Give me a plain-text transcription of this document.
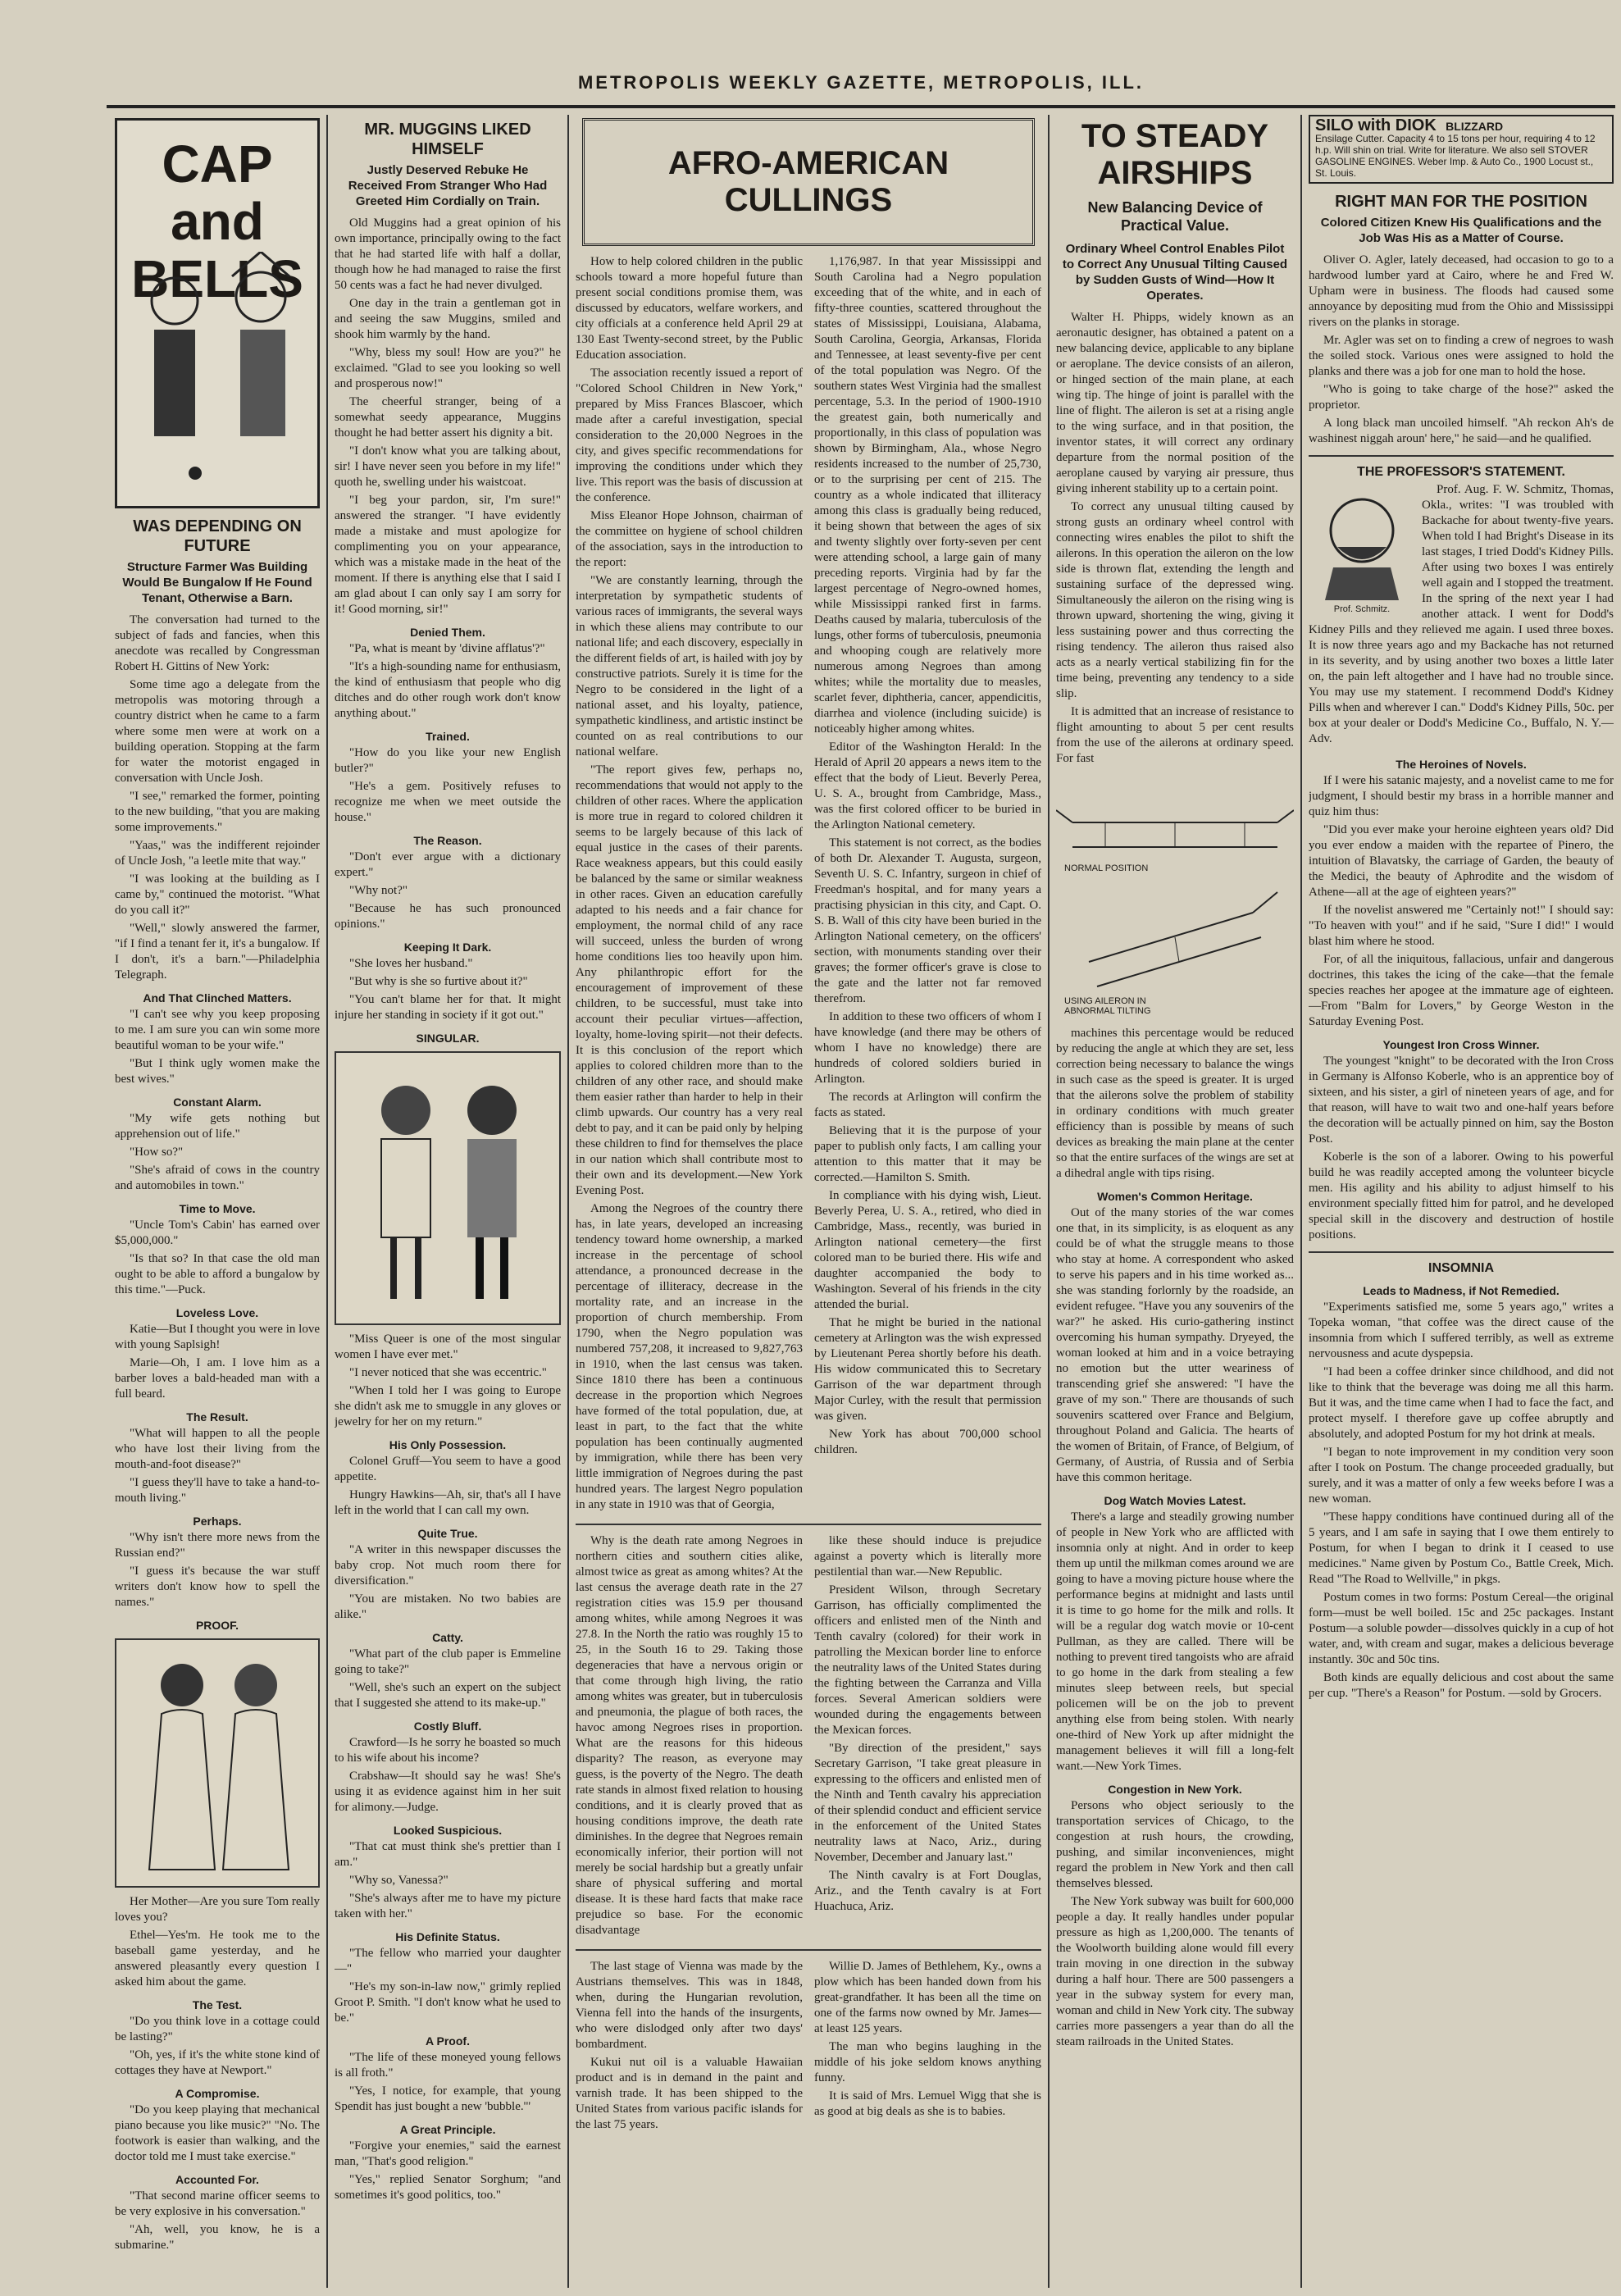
METROPOLIS WEEKLY GAZETTE, METROPOLIS, ILL.
CAP and BELLS
WAS DEPENDING ON FUTURE
Structure Farmer Was Building Would Be Bungalow If He Found Tenant, Otherwise a Barn.

The conversation had turned to the subject of fads and fancies, when this anecdote was recalled by Congressman Robert H. Gittins of New York:

Some time ago a delegate from the metropolis was motoring through a country district when he came to a farm where some men were at work on a building operation. Stopping at the farm for water the motorist engaged in conversation with Uncle Josh.

"I see," remarked the former, pointing to the new building, "that you are making some improvements."

"Yaas," was the indifferent rejoinder of Uncle Josh, "a leetle mite that way."

"I was looking at the building as I came by," continued the motorist. "What do you call it?"

"Well," slowly answered the farmer, "if I find a tenant fer it, it's a bungalow. If I don't, it's a barn."—Philadelphia Telegraph.

And That Clinched Matters.

"I can't see why you keep proposing to me. I am sure you can win some more beautiful woman to be your wife."

"But I think ugly women make the best wives."

Constant Alarm.

"My wife gets nothing but apprehension out of life."

"How so?"

"She's afraid of cows in the country and automobiles in town."

Time to Move.

"Uncle Tom's Cabin' has earned over $5,000,000."

"Is that so? In that case the old man ought to be able to afford a bungalow by this time."—Puck.

Loveless Love.

Katie—But I thought you were in love with young Saplsigh!

Marie—Oh, I am. I love him as a barber loves a bald-headed man with a full beard.

The Result.

"What will happen to all the people who have lost their living from the mouth-and-foot disease?"

"I guess they'll have to take a hand-to-mouth living."

Perhaps.

"Why isn't there more news from the Russian end?"

"I guess it's because the war stuff writers don't know how to spell the names."

PROOF.

Her Mother—Are you sure Tom really loves you?

Ethel—Yes'm. He took me to the baseball game yesterday, and he answered pleasantly every question I asked him about the game.

The Test.

"Do you think love in a cottage could be lasting?"

"Oh, yes, if it's the white stone kind of cottages they have at Newport."

A Compromise.

"Do you keep playing that mechanical piano because you like music?" "No. The footwork is easier than walking, and the doctor told me I must take exercise."

Accounted For.

"That second marine officer seems to be very explosive in his conversation."

"Ah, well, you know, he is a submarine."

MR. MUGGINS LIKED HIMSELF
Justly Deserved Rebuke He Received From Stranger Who Had Greeted Him Cordially on Train.

Old Muggins had a great opinion of his own importance, principally owing to the fact that he had started life with half a dollar, though how he had managed to raise the first 50 cents was a fact he had never divulged.

One day in the train a gentleman got in and seeing the saw Muggins, smiled and shook him warmly by the hand.

"Why, bless my soul! How are you?" he exclaimed. "Glad to see you looking so well and prosperous now!"

The cheerful stranger, being of a somewhat seedy appearance, Muggins thought he had better assert his dignity a bit.

"I don't know what you are talking about, sir! I have never seen you before in my life!" quoth he, swelling under his waistcoat.

"I beg your pardon, sir, I'm sure!" answered the stranger. "I have evidently made a mistake and must apologize for complimenting you on your appearance, which was a mistake made in the heat of the moment. If there is anything else that I said I am glad about I can only say I am sorry for it! Good morning, sir!"

Denied Them.

"Pa, what is meant by 'divine afflatus'?"

"It's a high-sounding name for enthusiasm, the kind of enthusiasm that people who dig ditches and do other rough work don't know anything about."

Trained.

"How do you like your new English butler?"

"He's a gem. Positively refuses to recognize me when we meet outside the house."

The Reason.

"Don't ever argue with a dictionary expert."

"Why not?"

"Because he has such pronounced opinions."

Keeping It Dark.

"She loves her husband."

"But why is she so furtive about it?"

"You can't blame her for that. It might injure her standing in society if it got out."

SINGULAR.

"Miss Queer is one of the most singular women I have ever met."

"I never noticed that she was eccentric."

"When I told her I was going to Europe she didn't ask me to smuggle in any gloves or jewelry for her on my return."

His Only Possession.

Colonel Gruff—You seem to have a good appetite.

Hungry Hawkins—Ah, sir, that's all I have left in the world that I can call my own.

Quite True.

"A writer in this newspaper discusses the baby crop. Not much room there for diversification."

"You are mistaken. No two babies are alike."

Catty.

"What part of the club paper is Emmeline going to take?"

"Well, she's such an expert on the subject that I suggested she attend to its make-up."

Costly Bluff.

Crawford—Is he sorry he boasted so much to his wife about his income?

Crabshaw—It should say he was! She's using it as evidence against him in her suit for alimony.—Judge.

Looked Suspicious.

"That cat must think she's prettier than I am."

"Why so, Vanessa?"

"She's always after me to have my picture taken with her."

His Definite Status.

"The fellow who married your daughter—"

"He's my son-in-law now," grimly replied Groot P. Smith. "I don't know what he used to be."

A Proof.

"The life of these moneyed young fellows is all froth."

"Yes, I notice, for example, that young Spendit has just bought a new 'bubble.'"

A Great Principle.

"Forgive your enemies," said the earnest man, "That's good religion."

"Yes," replied Senator Sorghum; "and sometimes it's good politics, too."

AFRO-AMERICAN CULLINGS

How to help colored children in the public schools toward a more hopeful future than present social conditions promise them, was discussed by educators, welfare workers, and city officials at a conference held April 29 at 130 East Twenty-second street, by the Public Education association.

The association recently issued a report of "Colored School Children in New York," prepared by Miss Frances Blascoer, which made after a careful investigation, special consideration to the 20,000 Negroes in the city, and gives specific recommendations for improving the conditions under which they live. This report was the basis of discussion at the conference.

Miss Eleanor Hope Johnson, chairman of the committee on hygiene of school children of the association, says in the introduction to the report:

"We are constantly learning, through the interpretation by sympathetic students of various races of immigrants, the several ways in which these aliens may contribute to our national life; and each discovery, especially in the different fields of art, is hailed with joy by constructive patriots. Surely it is time for the Negro to be considered in the light of a national asset, and his loyalty, patience, sympathetic kindliness, and artistic instinct be counted on as real contributions to our national welfare.

"The report gives few, perhaps no, recommendations that would not apply to the children of other races. Where the application is more true in regard to colored children it seems to be largely because of this lack of equal justice in the cases of their parents. Race weakness appears, but this could easily be balanced by the same or similar weakness in other races. Given an education carefully adapted to his needs and a fair chance for employment, the normal child of any race will succeed, unless the burden of wrong home conditions lies too heavily upon him. Any philanthropic effort for the encouragement of improvement of these children, to be successful, must take into account their peculiar virtues—affection, loyalty, home-loving spirit—not their defects. It is this conclusion of the report which applies to colored children more than to the children of any other race, and should make them easier rather than harder to help in their climb upwards. Our country has a very real debt to pay, and it can be paid only by helping these children to find for themselves the place in our nation which shall contribute most to their own and its development.—New York Evening Post.

Among the Negroes of the country there has, in late years, developed an increasing tendency toward home ownership, a marked increase in the percentage of school attendance, a pronounced decrease in the percentage of illiteracy, decrease in the mortality rate, and an increase in the proportion of church membership. From 1790, when the Negro population was numbered 757,208, it increased to 9,827,763 in 1910, when the last census was taken. Since 1810 there has been a continuous decrease in the proportion which Negroes have formed of the total population, due, at least in part, to the fact that the white population has been continually augmented by immigration, while there has been very little immigration of Negroes during the past hundred years. The largest Negro population in any state in 1910 was that of Georgia,

1,176,987. In that year Mississippi and South Carolina had a Negro population exceeding that of the white, and in each of fifty-three counties, scattered throughout the states of Mississippi, Louisiana, Alabama, South Carolina, Georgia, Arkansas, Florida and Tennessee, at least seventy-five per cent of the total population was Negro. Of the southern states West Virginia had the smallest percentage, 5.3. In the period of 1900-1910 the greatest gain, both numerically and proportionally, in this class of population was shown by Birmingham, Ala., whose Negro residents increased to the number of 25,730, or to the surprising per cent of 215. The country as a whole indicated that illiteracy among this class is gradually being reduced, it being shown that between the ages of six and twenty slightly over forty-seven per cent were attending school, a large gain of many preceding reports. Virginia had by far the largest percentage of Negro-owned homes, while Mississippi ranked first in farms. Deaths caused by malaria, tuberculosis of the lungs, other forms of tuberculosis, pneumonia and whooping cough are relatively more numerous among Negroes than among whites; while the mortality due to measles, scarlet fever, diphtheria, cancer, appendicitis, diarrhea and violence (including suicide) is noticeably higher among whites.

Editor of the Washington Herald: In the Herald of April 20 appears a news item to the effect that the body of Lieut. Beverly Perea, U. S. A., brought from Cambridge, Mass., was the first colored officer to be buried in the Arlington National cemetery.

This statement is not correct, as the bodies of both Dr. Alexander T. Augusta, surgeon, Seventh U. S. C. Infantry, surgeon in chief of Freedman's hospital, and for many years a practising physician in this city, and Capt. O. S. B. Wall of this city have been buried in the Arlington National cemetery, on the officers' section, with monuments standing over their graves; the former officer's grave is close to the gate and the latter not far removed therefrom.

In addition to these two officers of whom I have knowledge (and there may be others of whom I have no knowledge) there are hundreds of colored soldiers buried in Arlington.

The records at Arlington will confirm the facts as stated.

Believing that it is the purpose of your paper to publish only facts, I am calling your attention to this matter that it may be corrected.—Hamilton S. Smith.

In compliance with his dying wish, Lieut. Beverly Perea, U. S. A., retired, who died in Cambridge, Mass., recently, was buried in Arlington national cemetery—the first colored man to be buried there. His wife and daughter accompanied the body to Washington. Several of his friends in the city attended the burial.

That he might be buried in the national cemetery at Arlington was the wish expressed by Lieutenant Perea shortly before his death. His widow communicated this to Secretary Garrison of the war department through Major Curley, with the result that permission was given.

New York has about 700,000 school children.

Why is the death rate among Negroes in northern cities and southern cities alike, almost twice as great as among whites? At the last census the average death rate in the 27 registration cities was 15.9 per thousand among whites, while among Negroes it was 27.8. In the North the ratio was roughly 15 to 25, in the South 16 to 29. Taking those degeneracies that have a nervous origin or that come through high living, the ratio among whites was greater, but in tuberculosis and pneumonia, the plague of both races, the havoc among Negroes rises in proportion. What are the reasons for this hideous disparity? The reason, as everyone may guess, is the poverty of the Negro. The death rate stands in almost fixed relation to housing conditions, and it is clearly proved that as housing conditions improve, the death rate diminishes. In the degree that Negroes remain economically inferior, their portion will not merely be social hardship but a greatly unfair share of physical suffering and mortal disease. It is these hard facts that make race prejudice so base. For the economic disadvantage

like these should induce is prejudice against a poverty which is literally more pestilential than war.—New Republic.

President Wilson, through Secretary Garrison, has officially complimented the officers and enlisted men of the Ninth and Tenth cavalry (colored) for their work in patrolling the Mexican border line to enforce the neutrality laws of the United States during the fighting between the Carranza and Villa forces. Several American soldiers were wounded during the engagements between the Mexican forces.

"By direction of the president," says Secretary Garrison, "I take great pleasure in expressing to the officers and enlisted men of the Ninth and Tenth cavalry his appreciation of their splendid conduct and efficient service in the enforcement of the United States neutrality laws at Naco, Ariz., during November, December and January last."

The Ninth cavalry is at Fort Douglas, Ariz., and the Tenth cavalry is at Fort Huachuca, Ariz.

The last stage of Vienna was made by the Austrians themselves. This was in 1848, when, during the Hungarian revolution, Vienna fell into the hands of the insurgents, who were dislodged only after two days' bombardment.

Kukui nut oil is a valuable Hawaiian product and is in demand in the paint and varnish trade. It has been shipped to the United States from various pacific islands for the last 75 years.

Willie D. James of Bethlehem, Ky., owns a plow which has been handed down from his great-grandfather. It has been all the time on one of the farms now owned by Mr. James—at least 125 years.

The man who begins laughing in the middle of his joke seldom knows anything funny.

It is said of Mrs. Lemuel Wigg that she is as good at big deals as she is to babies.

TO STEADY AIRSHIPS
New Balancing Device of Practical Value.
Ordinary Wheel Control Enables Pilot to Correct Any Unusual Tilting Caused by Sudden Gusts of Wind—How It Operates.

Walter H. Phipps, widely known as an aeronautic designer, has obtained a patent on a new balancing device, applicable to any biplane or aeroplane. The device consists of an aileron, or hinged section of the main plane, at each wing tip. The hinge of joint is parallel with the line of flight. The aileron is set at a rising angle to the wing surface, and in that position, the inventor states, it will correct any ordinary departure from the normal position of the aeroplane caused by varying air pressure, thus giving inherent stability up to a certain point.

To correct any unusual tilting caused by strong gusts an ordinary wheel control with connecting wires enables the pilot to shift the ailerons. In this operation the aileron on the low side is thrown flat, extending the length and sustaining surface of the depressed wing. Simultaneously the aileron on the rising wing is thrown upward, shortening the wing, giving it less sustaining power and thus correcting the rising tendency. The aileron thus raised also acts as a nearly vertical stabilizing fin for the time being, preventing any tendency to a side slip.

It is admitted that an increase of resistance to flight amounting to about 5 per cent results from the use of the ailerons at ordinary speed. For fast

NORMAL POSITION
USING AILERON IN ABNORMAL TILTING

machines this percentage would be reduced by reducing the angle at which they are set, less correction being necessary to balance the wings in such case as the speed is greater. It is urged that the ailerons solve the problem of stability in ordinary conditions with much greater efficiency than is possible by means of such devices as breaking the main plane at the center so that the entire surfaces of the wings are set at a dihedral angle with tips rising.

Women's Common Heritage.

Out of the many stories of the war comes one that, in its simplicity, is as eloquent as any could be of what the struggle means to those who stay at home. A correspondent who asked to serve his papers and in his time worked as... she was standing forlornly by the roadside, an evident refugee. "Have you any souvenirs of the war?" he asked. His curio-gathering instinct overcoming his human sympathy. Dryeyed, the woman looked at him and in a voice betraying no emotion but the utter weariness of transcending grief she answered: "I have the grave of my son." There are thousands of such souvenirs scattered over France and Belgium, throughout Poland and Galicia. The hearts of the women of Britain, of France, of Belgium, of Germany, of Austria, of Russia and of Serbia have this common heritage.

Dog Watch Movies Latest.

There's a large and steadily growing number of people in New York who are afflicted with insomnia only at night. And in order to keep them up until the milkman comes around we are going to have a moving picture house where the performance begins at midnight and lasts until it is time to go home for the milk and rolls. It will be a regular dog watch movie or 10-cent Pullman, as they are called. There will be nothing to prevent tired tangoists who are afraid to go home in the dark from stealing a few minutes sleep between reels, but special policemen will be on the job to prevent anything else from being stolen. With nearly one-third of New York up after midnight the management believes it will fill a long-felt want.—New York Times.

Congestion in New York.

Persons who object seriously to the transportation services of Chicago, to the congestion at rush hours, the crowding, pushing, and similar inconveniences, might regard the problem in New York and then call themselves blessed.

The New York subway was built for 600,000 people a day. It really handles under popular pressure as high as 1,200,000. The tenants of the Woolworth building alone would fill every train moving in one direction in the subway during a half hour. There are 500 passengers a year in the subway system for every man, woman and child in New York city. The subway carries more passengers a year than do all the steam railroads in the United States.

SILO with DIOK BLIZZARD
Ensilage Cutter. Capacity 4 to 15 tons per hour, requiring 4 to 12 h.p. Will shin on trial. Write for literature. We also sell STOVER GASOLINE ENGINES. Weber Imp. & Auto Co., 1900 Locust st., St. Louis.
RIGHT MAN FOR THE POSITION
Colored Citizen Knew His Qualifications and the Job Was His as a Matter of Course.

Oliver O. Agler, lately deceased, had occasion to go to a hardwood lumber yard at Cairo, where he and Fred W. Upham were in business. The floods had caused some annoyance by depositing mud from the Ohio and Mississippi rivers on the planks in storage.

Mr. Agler was set on to finding a crew of negroes to wash the soiled stock. Various ones were assigned to hold the planks and there was a job for one man to hold the hose.

"Who is going to take charge of the hose?" asked the proprietor.

A long black man uncoiled himself. "Ah reckon Ah's de washinest niggah aroun' here," he said—and he qualified.

THE PROFESSOR'S STATEMENT.
Prof. Schmitz.

Prof. Aug. F. W. Schmitz, Thomas, Okla., writes: "I was troubled with Backache for about twenty-five years. When told I had Bright's Disease in its last stages, I tried Dodd's Kidney Pills. After using two boxes I was entirely well again and I stopped the treatment. In the spring of the next year I had another attack. I went for Dodd's Kidney Pills and they relieved me again. I used three boxes. It is now three years ago and my Backache has not returned in its severity, and by using another two boxes a little later on, the pain left altogether and I have had no trouble since. You may use my statement. I recommend Dodd's Kidney Pills when and wherever I can." Dodd's Kidney Pills, 50c. per box at your dealer or Dodd's Medicine Co., Buffalo, N. Y.—Adv.

The Heroines of Novels.

If I were his satanic majesty, and a novelist came to me for judgment, I should bestir my brass in a horrible manner and quiz him thus:

"Did you ever make your heroine eighteen years old? Did you ever endow a maiden with the repartee of Pinero, the intuition of Blavatsky, the carriage of Garden, the beauty of the Medici, the beauty of Aphrodite and the wisdom of Athene—all at the age of eighteen years?"

If the novelist answered me "Certainly not!" I should say: "To heaven with you!" and if he said, "Sure I did!" I would blast him where he stood.

For, of all the iniquitous, fallacious, unfair and dangerous doctrines, this takes the icing of the cake—that the female species reaches her apogee at the immature age of eighteen.—From "Balm for Lovers," by George Weston in the Saturday Evening Post.

Youngest Iron Cross Winner.

The youngest "knight" to be decorated with the Iron Cross in Germany is Alfonso Koberle, who is an apprentice boy of sixteen, and his sister, a girl of nineteen years of age, and for that reason, will have to wait two and one-half years before the decoration will be actually pinned on him, say the Boston Post.

Koberle is the son of a laborer. Owing to his powerful build he was readily accepted among the volunteer bicycle men. His agility and his ability to adjust himself to his environment specially fitted him for patrol, and he developed special skill in the discovery and destruction of hostile positions.

INSOMNIA
Leads to Madness, if Not Remedied.

"Experiments satisfied me, some 5 years ago," writes a Topeka woman, "that coffee was the direct cause of the insomnia from which I suffered terribly, as well as extreme nervousness and acute dyspepsia.

"I had been a coffee drinker since childhood, and did not like to think that the beverage was doing me all this harm. But it was, and the time came when I had to face the fact, and protect myself. I therefore gave up coffee abruptly and absolutely, and adopted Postum for my hot drink at meals.

"I began to note improvement in my condition very soon after I took on Postum. The change proceeded gradually, but surely, and it was a matter of only a few weeks before I was a new woman.

"These happy conditions have continued during all of the 5 years, and I am safe in saying that I owe them entirely to Postum, for when I began to drink it I ceased to use medicines." Name given by Postum Co., Battle Creek, Mich. Read "The Road to Wellville," in pkgs.

Postum comes in two forms: Postum Cereal—the original form—must be well boiled. 15c and 25c packages. Instant Postum—a soluble powder—dissolves quickly in a cup of hot water, and, with cream and sugar, makes a delicious beverage instantly. 30c and 50c tins.

Both kinds are equally delicious and cost about the same per cup. "There's a Reason" for Postum. —sold by Grocers.
